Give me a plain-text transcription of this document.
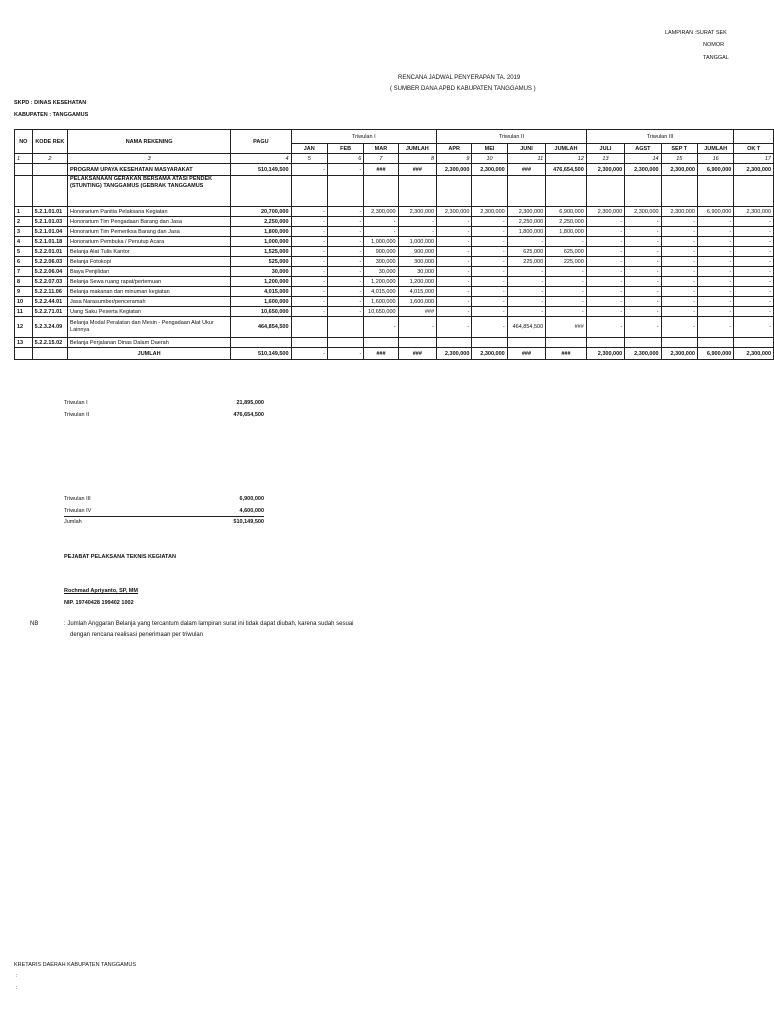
LAMPIRAN :SURAT SEK
NOMOR
TANGGAL
RENCANA JADWAL PENYERAPAN TA. 2019
( SUMBER DANA APBD KABUPATEN TANGGAMUS )
SKPD : DINAS KESEHATAN
KABUPATEN : TANGGAMUS
NO	KODE REK	NAMA REKENING	PAGU	Triwulan I				Triwulan II				Triwulan III				
				JAN	FEB	MAR	JUMLAH	APR	MEI	JUNI	JUMLAH	JULI	AGST	SEP T	JUMLAH	OK T
1	2	3	4	5	6	7	8	9	10	11	12	13	14	15	16	17
		PROGRAM UPAYA KESEHATAN MASYARAKAT	510,149,500	-	-	###	###	2,300,000	2,300,000	###	476,654,500	2,300,000	2,300,000	2,300,000	6,900,000	2,300,000
		PELAKSANAAN GERAKAN BERSAMA ATASI PENDEK (STUNTING) TANGGAMUS (GEBRAK TANGGAMUS														
1	5.2.1.01.01	Honorarium Panitia Pelaksana Kegiatan	20,700,000	-	-	2,300,000	2,300,000	2,300,000	2,300,000	2,300,000	6,900,000	2,300,000	2,300,000	2,300,000	6,900,000	2,300,000
2	5.2.1.01.03	Honorarium Tim Pengadaan Barang dan Jasa	2,250,000	-	-	-	-	-	-	2,250,000	2,250,000	-	-	-	-	-
3	5.2.1.01.04	Honorarium Tim Pemeriksa Barang dan Jasa	1,800,000	-	-	-	-	-	-	1,800,000	1,800,000	-	-	-	-	-
4	5.2.1.01.18	Honorarium Pembuka / Penutup Acara	1,000,000	-	-	1,000,000	1,000,000	-	-	-	-	-	-	-	-	-
5	5.2.2.01.01	Belanja Alat Tulis Kantor	1,525,000	-	-	900,000	900,000	-	-	625,000	625,000	-	-	-	-	-
6	5.2.2.06.03	Belanja Fotokopi	525,000	-	-	300,000	300,000	-	-	225,000	225,000	-	-	-	-	-
7	5.2.2.06.04	Biaya Penjilidan	30,000	-	-	30,000	30,000	-	-	-	-	-	-	-	-	-
8	5.2.2.07.03	Belanja Sewa ruang rapat/pertemuan	1,200,000	-	-	1,200,000	1,200,000	-	-	-	-	-	-	-	-	-
9	5.2.2.11.06	Belanja makanan dan minuman kegiatan	4,015,000	-	-	4,015,000	4,015,000	-	-	-	-	-	-	-	-	-
10	5.2.2.44.01	Jasa Narasumber/penceramah	1,600,000	-	-	1,600,000	1,600,000	-	-	-	-	-	-	-	-	-
11	5.2.2.71.01	Uang Saku Peserta Kegiatan	10,650,000	-	-	10,650,000	###	-	-	-	-	-	-	-	-	-
12	5.2.3.24.09	Belanja Modal Peralatan dan Mesin - Pengadaan Alat Ukur Lainnya	464,854,500			-	-	-	-	464,854,500	###	-	-	-	-	-
13	5.2.2.15.02	Belanja Perjalanan Dinas Dalam Daerah														
		JUMLAH	510,149,500	-	-	###	###	2,300,000	2,300,000	###	###	2,300,000	2,300,000	2,300,000	6,900,000	2,300,000
Triwulan I	21,895,000
Triwulan II	476,654,500
Triwulan III	6,900,000
Triwulan IV	4,600,000
Jumlah	510,149,500
PEJABAT PELAKSANA TEKNIS KEGIATAN
Rochmad Apriyanto, SP, MM
NIP. 19740428 199402 1002
NB	: Jumlah Anggaran Belanja yang tercantum dalam lampiran surat ini tidak dapat diubah, karena sudah sesuai
dengan rencana realisasi penerimaan per triwulan
KRETARIS DAERAH KABUPATEN TANGGAMUS
:
:
